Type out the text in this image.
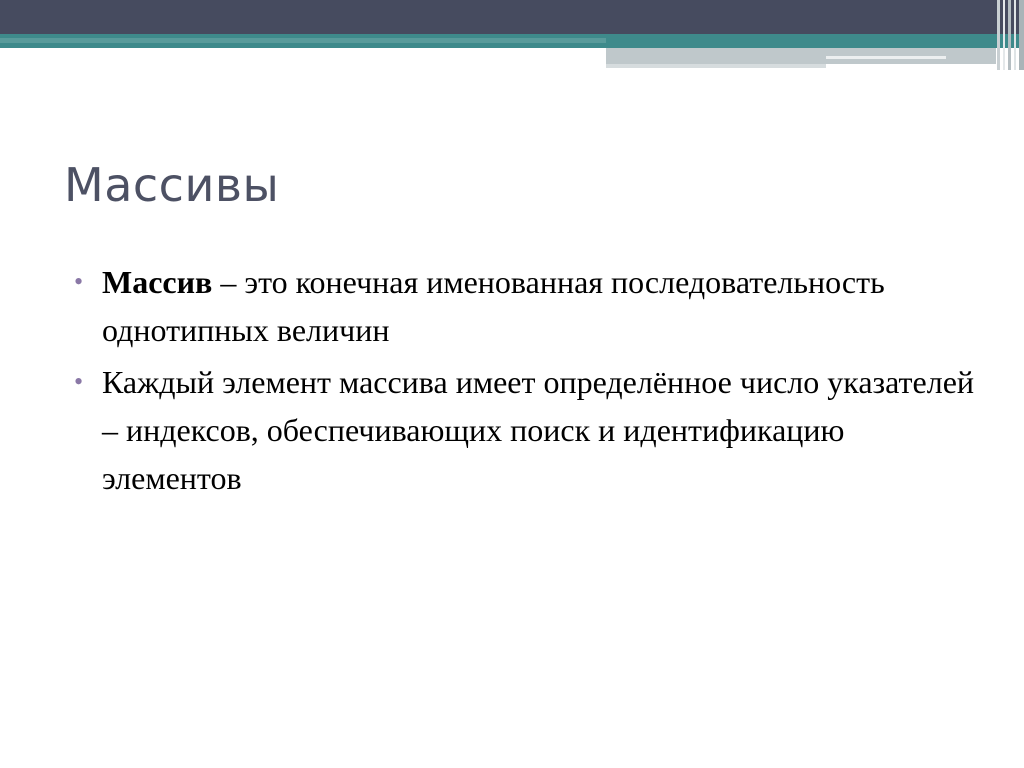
Массивы
• Массив – это конечная именованная последовательность однотипных величин
• Каждый элемент массива имеет определённое число указателей – индексов, обеспечивающих поиск и идентификацию элементов
